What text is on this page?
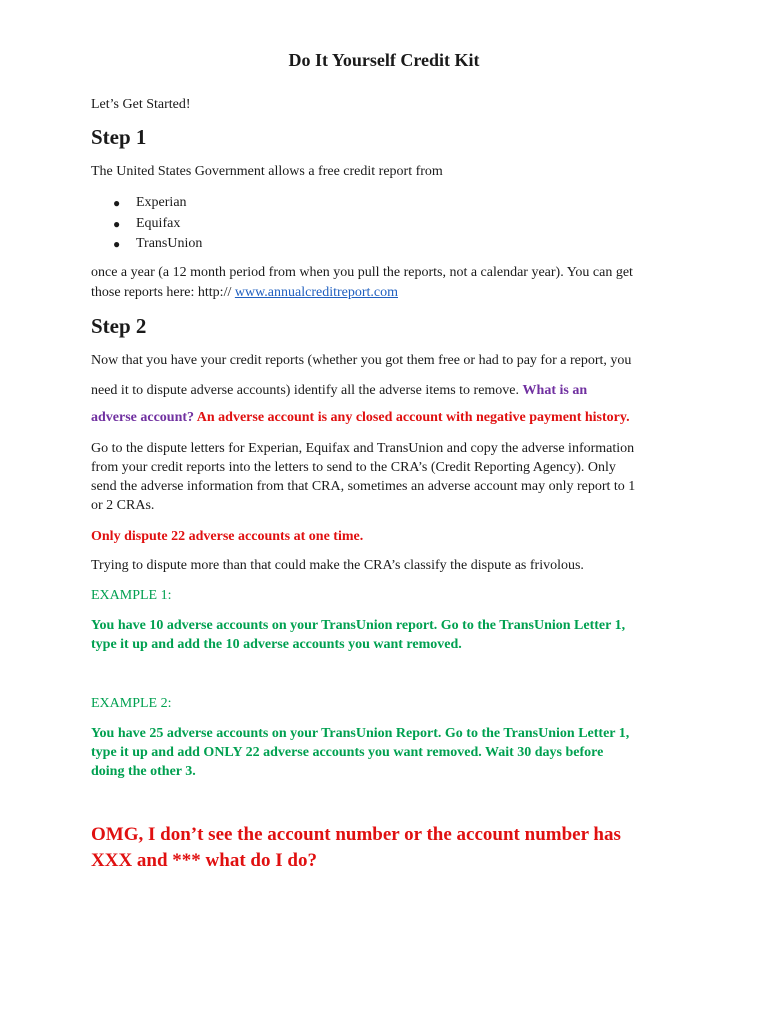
Do It Yourself Credit Kit

Let’s Get Started!

Step 1

The United States Government allows a free credit report from

● Experian
● Equifax
● TransUnion

once a year (a 12 month period from when you pull the reports, not a calendar year). You can get

those reports here: http:// www.annualcreditreport.com

Step 2

Now that you have your credit reports (whether you got them free or had to pay for a report, you

need it to dispute adverse accounts) identify all the adverse items to remove. What is an

adverse account? An adverse account is any closed account with negative payment history.

Go to the dispute letters for Experian, Equifax and TransUnion and copy the adverse information

from your credit reports into the letters to send to the CRA’s (Credit Reporting Agency). Only

send the adverse information from that CRA, sometimes an adverse account may only report to 1

or 2 CRAs.

Only dispute 22 adverse accounts at one time.

Trying to dispute more than that could make the CRA’s classify the dispute as frivolous.

EXAMPLE 1:

You have 10 adverse accounts on your TransUnion report. Go to the TransUnion Letter 1,

type it up and add the 10 adverse accounts you want removed.

EXAMPLE 2:

You have 25 adverse accounts on your TransUnion Report. Go to the TransUnion Letter 1,

type it up and add ONLY 22 adverse accounts you want removed. Wait 30 days before

doing the other 3.

OMG, I don’t see the account number or the account number has
XXX and *** what do I do?
